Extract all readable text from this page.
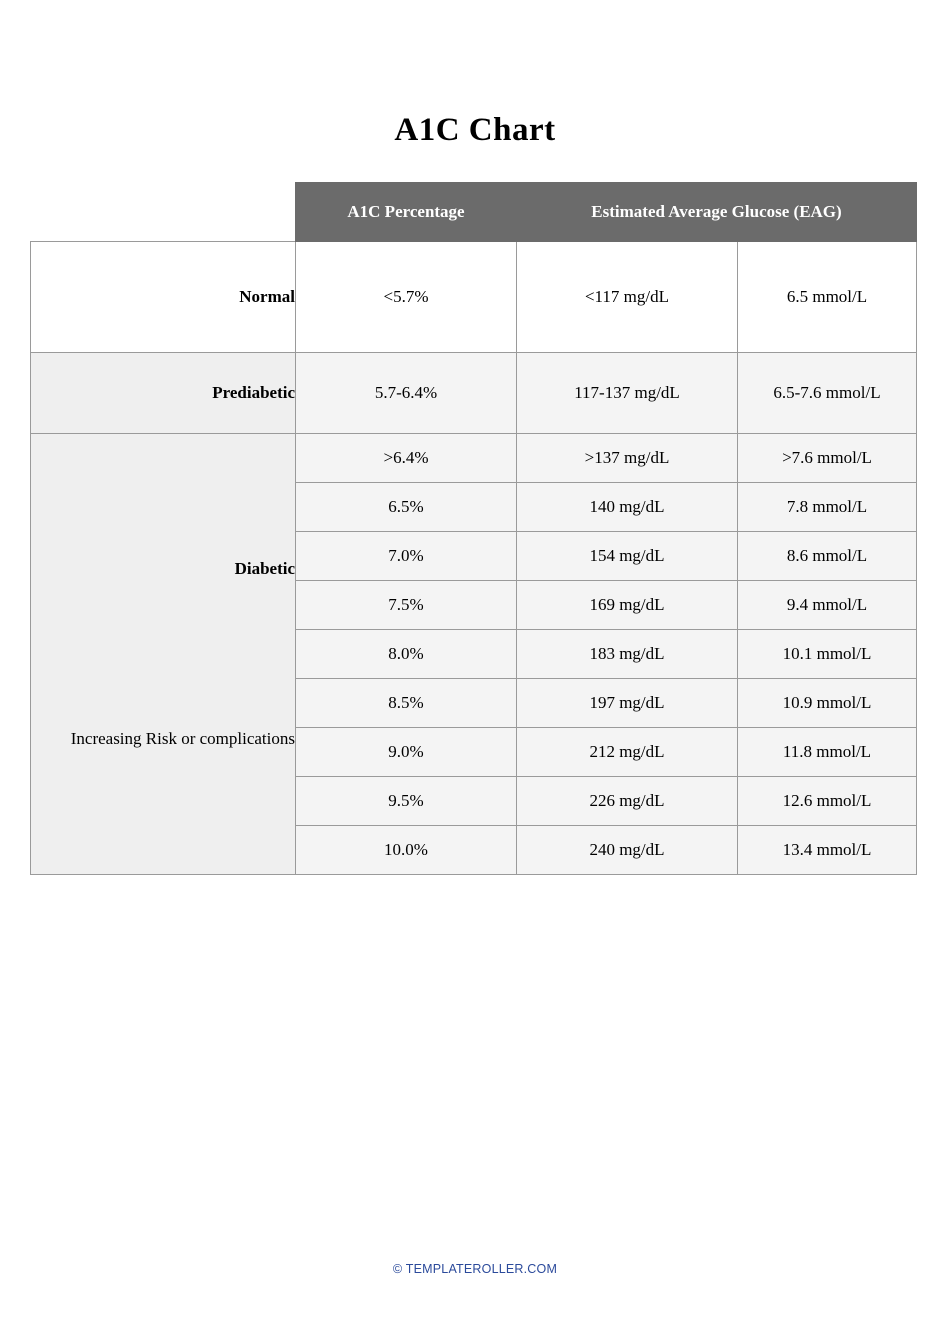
A1C Chart
	A1C Percentage	Estimated Average Glucose (EAG)	
Normal	<5.7%	<117 mg/dL	6.5 mmol/L
Prediabetic	5.7-6.4%	117-137 mg/dL	6.5-7.6 mmol/L

Diabetic
Increasing Risk or complications	>6.4%	>137 mg/dL	>7.6 mmol/L
	6.5%	140 mg/dL	7.8 mmol/L
	7.0%	154 mg/dL	8.6 mmol/L
	7.5%	169 mg/dL	9.4 mmol/L
	8.0%	183 mg/dL	10.1 mmol/L
	8.5%	197 mg/dL	10.9 mmol/L
	9.0%	212 mg/dL	11.8 mmol/L
	9.5%	226 mg/dL	12.6 mmol/L
	10.0%	240 mg/dL	13.4 mmol/L
© TEMPLATEROLLER.COM
